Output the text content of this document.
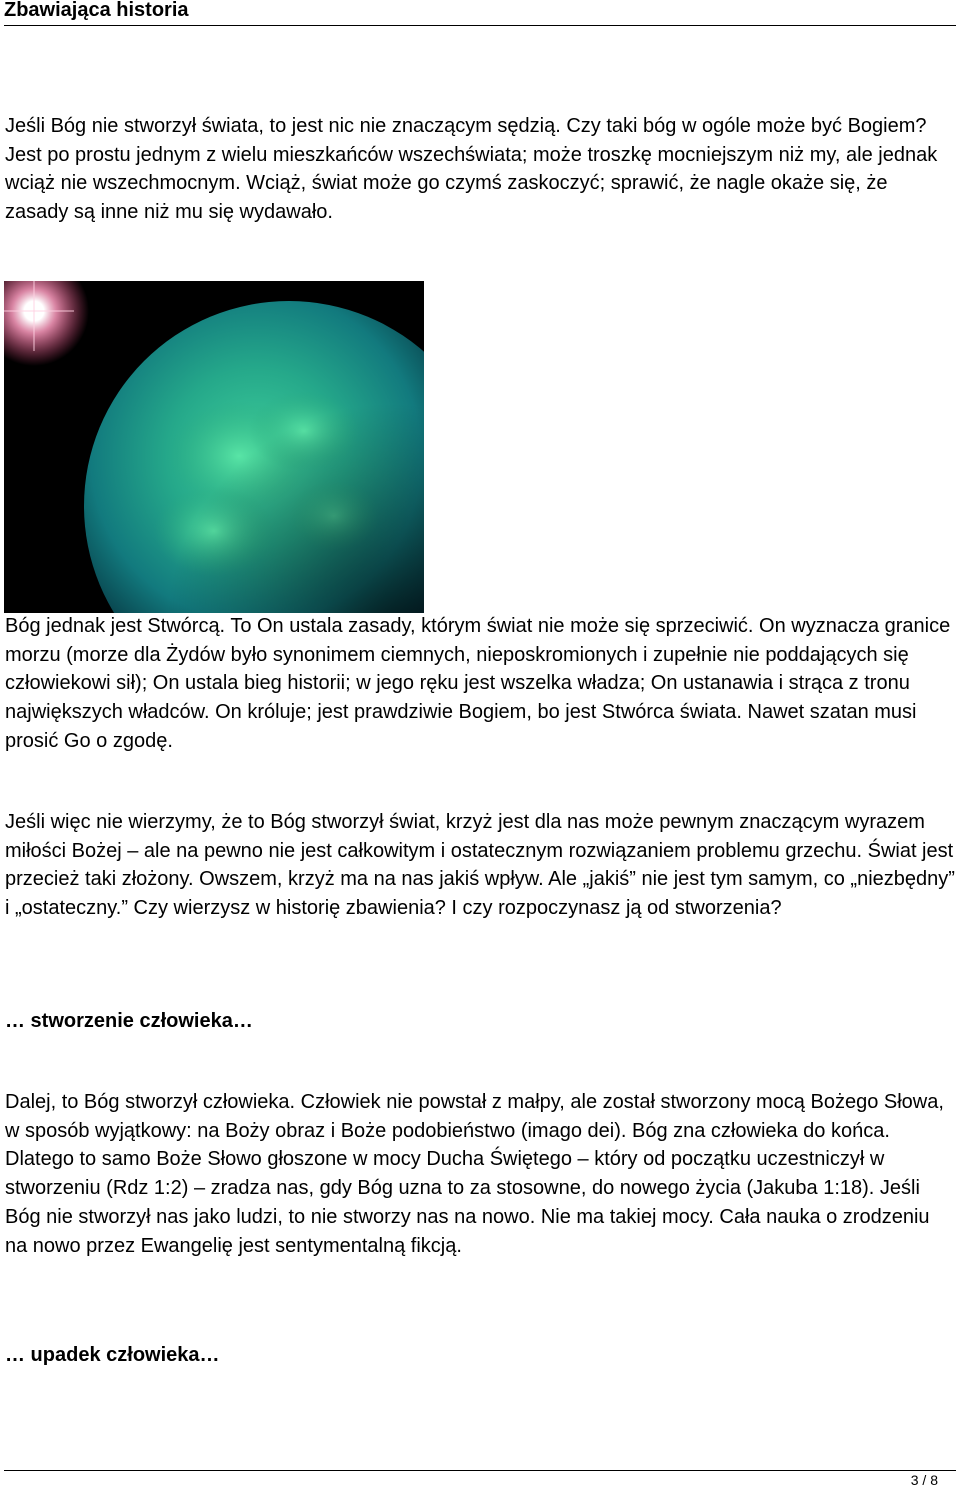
Zbawiająca historia

Jeśli Bóg nie stworzył świata, to jest nic nie znaczącym sędzią. Czy taki bóg w ogóle może być Bogiem? Jest po prostu jednym z wielu mieszkańców wszechświata; może troszkę mocniejszym niż my, ale jednak wciąż nie wszechmocnym. Wciąż, świat może go czymś zaskoczyć; sprawić, że nagle okaże się, że zasady są inne niż mu się wydawało.

Bóg jednak jest Stwórcą. To On ustala zasady, którym świat nie może się sprzeciwić. On wyznacza granice morzu (morze dla Żydów było synonimem ciemnych, nieposkromionych i zupełnie nie poddających się człowiekowi sił); On ustala bieg historii; w jego ręku jest wszelka władza; On ustanawia i strąca z tronu największych władców. On króluje; jest prawdziwie Bogiem, bo jest Stwórca świata. Nawet szatan musi prosić Go o zgodę.

Jeśli więc nie wierzymy, że to Bóg stworzył świat, krzyż jest dla nas może pewnym znaczącym wyrazem miłości Bożej – ale na pewno nie jest całkowitym i ostatecznym rozwiązaniem problemu grzechu. Świat jest przecież taki złożony. Owszem, krzyż ma na nas jakiś wpływ. Ale „jakiś” nie jest tym samym, co „niezbędny” i „ostateczny.” Czy wierzysz w historię zbawienia? I czy rozpoczynasz ją od stworzenia?

… stworzenie człowieka…

Dalej, to Bóg stworzył człowieka. Człowiek nie powstał z małpy, ale został stworzony mocą Bożego Słowa, w sposób wyjątkowy: na Boży obraz i Boże podobieństwo (imago dei). Bóg zna człowieka do końca. Dlatego to samo Boże Słowo głoszone w mocy Ducha Świętego – który od początku uczestniczył w stworzeniu (Rdz 1:2) – zradza nas, gdy Bóg uzna to za stosowne, do nowego życia (Jakuba 1:18). Jeśli Bóg nie stworzył nas jako ludzi, to nie stworzy nas na nowo. Nie ma takiej mocy. Cała nauka o zrodzeniu na nowo przez Ewangelię jest sentymentalną fikcją.

… upadek człowieka…
3 / 8
